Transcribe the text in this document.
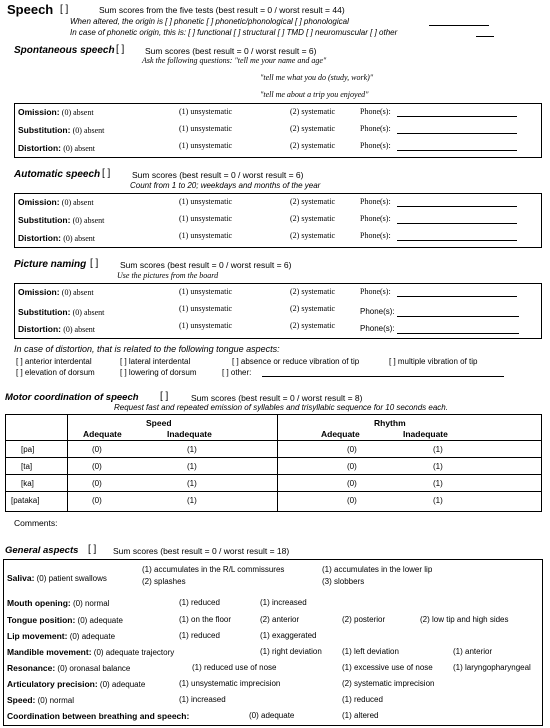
Speech [ ]	Sum scores from the five tests (best result = 0 / worst result = 44)
When altered, the origin is [ ] phonetic [ ] phonetic/phonological [ ] phonological
In case of phonetic origin, this is: [ ] functional [ ] structural [ ] TMD [ ] neuromuscular [ ] other
Spontaneous speech [ ] Sum scores (best result = 0 / worst result = 6)
Ask the following questions: "tell me your name and age"
"tell me what you do (study, work)"
"tell me about a trip you enjoyed"
Omission: (0) absent	(1) unsystematic	(2) systematic	Phone(s):
Substitution: (0) absent	(1) unsystematic	(2) systematic	Phone(s):
Distortion: (0) absent	(1) unsystematic	(2) systematic	Phone(s):
Automatic speech [ ]	Sum scores (best result = 0 / worst result = 6)
Count from 1 to 20; weekdays and months of the year
Omission: (0) absent	(1) unsystematic	(2) systematic	Phone(s):
Substitution: (0) absent	(1) unsystematic	(2) systematic	Phone(s):
Distortion: (0) absent	(1) unsystematic	(2) systematic	Phone(s):
Picture naming [ ]	Sum scores (best result = 0 / worst result = 6)
Use the pictures from the board
Omission: (0) absent	(1) unsystematic	(2) systematic	Phone(s):
Substitution: (0) absent	(1) unsystematic	(2) systematic	Phone(s):
Distortion: (0) absent	(1) unsystematic	(2) systematic	Phone(s):
In case of distortion, that is related to the following tongue aspects:
[ ] anterior interdental	[ ] lateral interdental	[ ] absence or reduce vibration of tip	[ ] multiple vibration of tip
[ ] elevation of dorsum	[ ] lowering of dorsum	[ ] other:
Motor coordination of speech [ ]	Sum scores (best result = 0 / worst result = 8)
Request fast and repeated emission of syllables and trisyllabic sequence for 10 seconds each.
Speed
Adequate	Inadequate
Rhythm
Adequate	Inadequate
[pa]	(0)	(1)	(0)	(1)
[ta]	(0)	(1)	(0)	(1)
[ka]	(0)	(1)	(0)	(1)
[pataka]	(0)	(1)	(0)	(1)
Comments:
General aspects [ ] Sum scores (best result = 0 / worst result = 18)
Saliva: (0) patient swallows
(1) accumulates in the R/L commissures	(1) accumulates in the lower lip
(2) splashes	(3) slobbers
Mouth opening: (0) normal	(1) reduced	(1) increased
Tongue position: (0) adequate	(1) on the floor	(2) anterior	(2) posterior	(2) low tip and high sides
Lip movement: (0) adequate	(1) reduced	(1) exaggerated
Mandible movement: (0) adequate trajectory	(1) right deviation	(1) left deviation	(1) anterior
Resonance: (0) oronasal balance	(1) reduced use of nose	(1) excessive use of nose	(1) laryngopharyngeal
Articulatory precision: (0) adequate	(1) unsystematic imprecision	(2) systematic imprecision
Speed: (0) normal	(1) increased	(1) reduced
Coordination between breathing and speech:	(0) adequate	(1) altered
